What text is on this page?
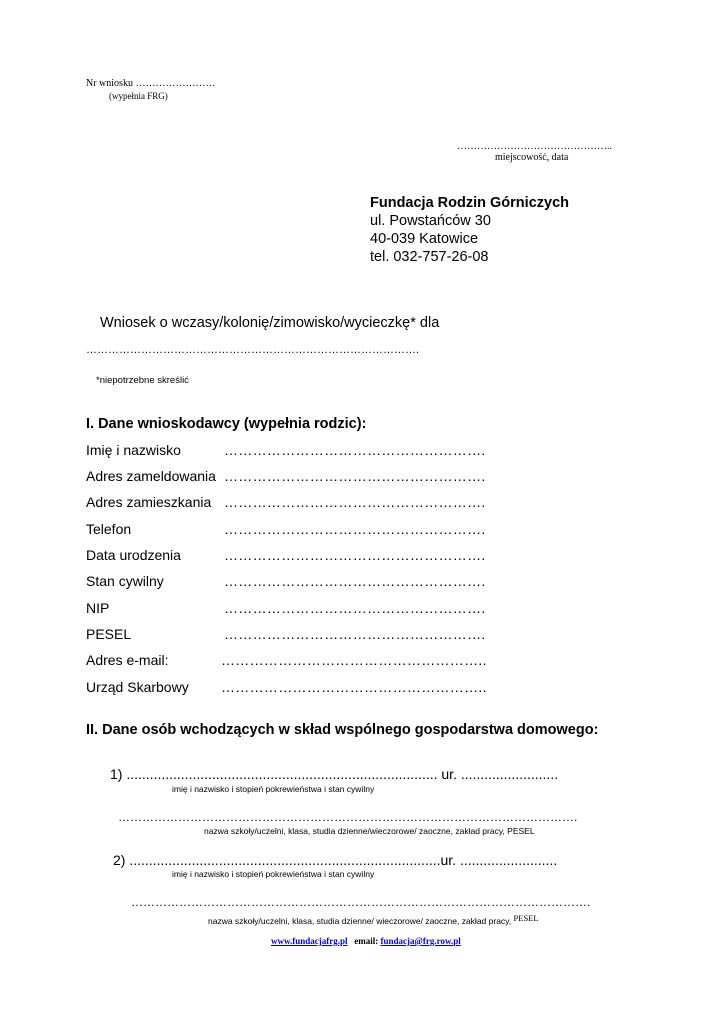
Nr wniosku ……………………
(wypełnia FRG)
………………………………………..
miejscowość, data
Fundacja Rodzin Górniczych
ul. Powstańców 30
40-039 Katowice
tel. 032-757-26-08
Wniosek o wczasy/kolonię/zimowisko/wycieczkę* dla
……………………………………………………………………………….
*niepotrzebne skreślić
I. Dane wnioskodawcy (wypełnia rodzic):
Imię i nazwisko	……………………………………………….
Adres zameldowania ……………………………………………….
Adres zamieszkania ……………………………………………….
Telefon	……………………………………………….
Data urodzenia	……………………………………………….
Stan cywilny	……………………………………………….
NIP	……………………………………………….
PESEL	……………………………………………….
Adres e-mail:	………………………………………………..
Urząd Skarbowy ………………………………………………..
II. Dane osób wchodzących w skład wspólnego gospodarstwa domowego:
1) ................................................................................ ur. .........................
imię i nazwisko i stopień pokrewieństwa i stan cywilny
…………………………………………………………………………………………………….
nazwa szkoły/uczelni, klasa, studia dzienne/wieczorowe/ zaoczne, zakład pracy, PESEL
2) ................................................................................ur. .........................
imię i nazwisko i stopień pokrewieństwa i stan cywilny
…………………………………………………………………………………………………….
nazwa szkoły/uczelni, klasa, studia dzienne/ wieczorowe/ zaoczne, zakład pracy, PESEL
www.fundacjafrg.pl email: fundacja@frg.row.pl
